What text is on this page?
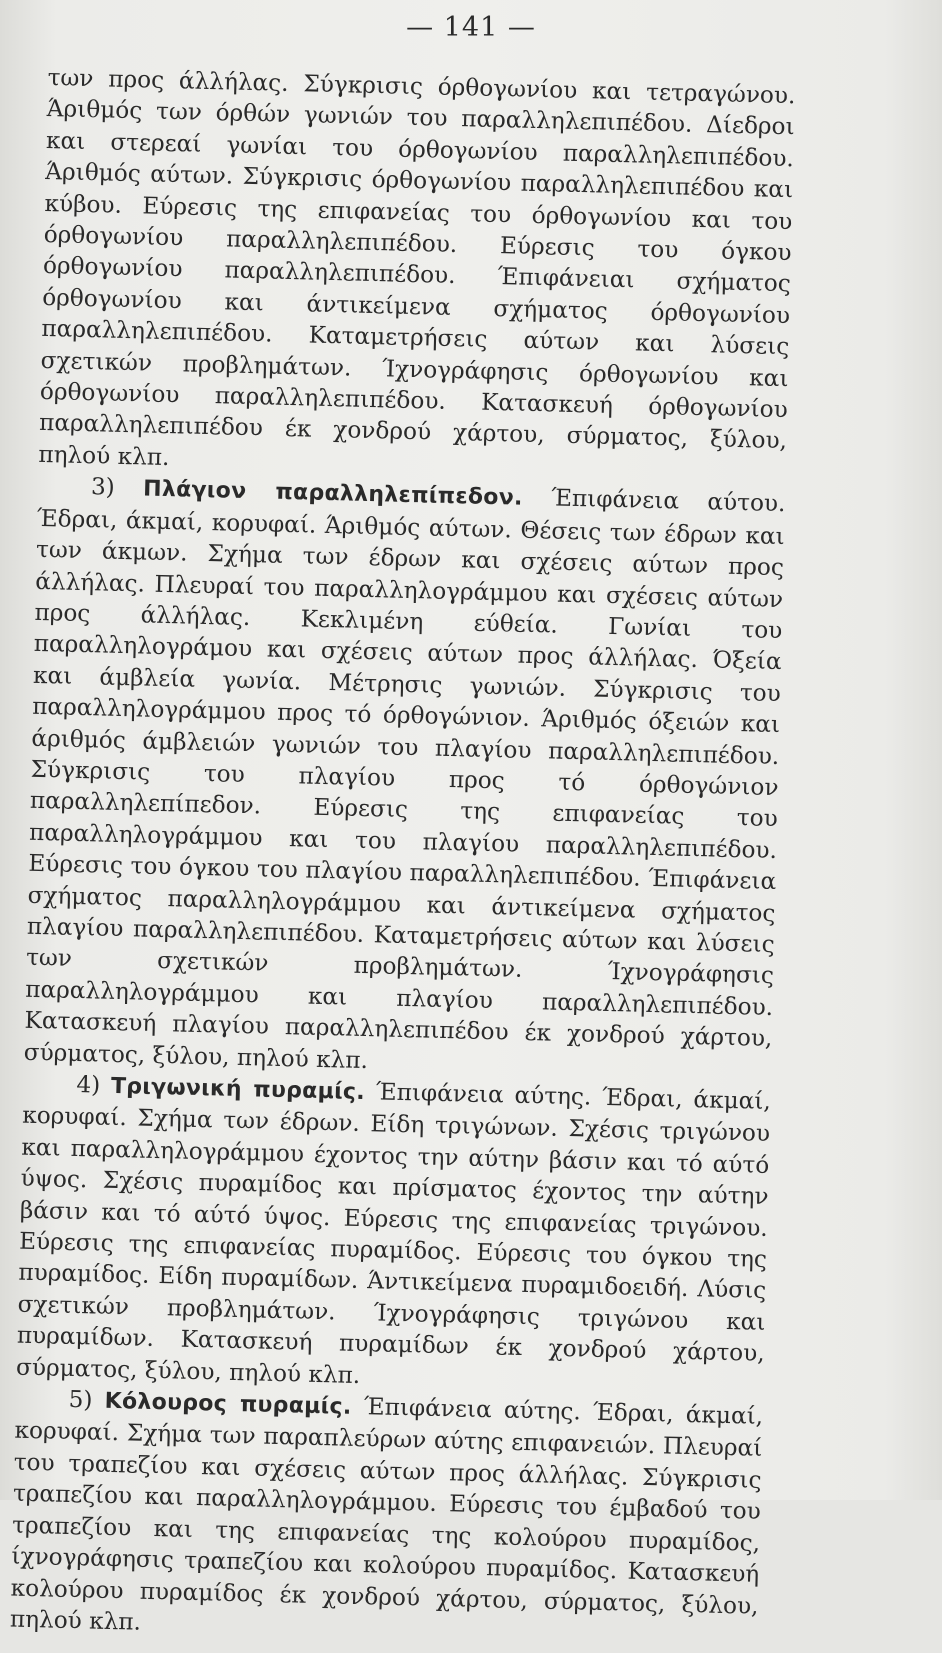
— 141 —

των προς άλλήλας. Σύγκρισις όρθογωνίου και τετραγώνου. Άριθμός των όρθών γωνιών του παραλληλεπιπέδου. Δίεδροι και στερεαί γωνίαι του όρθογωνίου παραλληλεπιπέδου. Άριθμός αύτων. Σύγκρισις όρθογωνίου παραλληλεπιπέδου και κύβου. Εύρεσις της επιφανείας του όρθογωνίου και του όρθογωνίου παραλληλεπιπέδου. Εύρεσις του όγκου όρθογωνίου παραλληλεπιπέδου. Έπιφάνειαι σχήματος όρθογωνίου και άντικείμενα σχήματος όρθογωνίου παραλληλεπιπέδου. Καταμετρήσεις αύτων και λύσεις σχετικών προβλημάτων. Ίχνογράφησις όρθογωνίου και όρθογωνίου παραλληλεπιπέδου. Κατασκευή όρθογωνίου παραλληλεπιπέδου έκ χονδρού χάρτου, σύρματος, ξύλου, πηλού κλπ.

3) Πλάγιον παραλληλεπίπεδον. Έπιφάνεια αύτου. Έδραι, άκμαί, κορυφαί. Άριθμός αύτων. Θέσεις των έδρων και των άκμων. Σχήμα των έδρων και σχέσεις αύτων προς άλλήλας. Πλευραί του παραλληλογράμμου και σχέσεις αύτων προς άλλήλας. Κεκλιμένη εύθεία. Γωνίαι του παραλληλογράμου και σχέσεις αύτων προς άλλήλας. Όξεία και άμβλεία γωνία. Μέτρησις γωνιών. Σύγκρισις του παραλληλογράμμου προς τό όρθογώνιον. Άριθμός όξειών και άριθμός άμβλειών γωνιών του πλαγίου παραλληλεπιπέδου. Σύγκρισις του πλαγίου προς τό όρθογώνιον παραλληλεπίπεδον. Εύρεσις της επιφανείας του παραλληλογράμμου και του πλαγίου παραλληλεπιπέδου. Εύρεσις του όγκου του πλαγίου παραλληλεπιπέδου. Έπιφάνεια σχήματος παραλληλογράμμου και άντικείμενα σχήματος πλαγίου παραλληλεπιπέδου. Καταμετρήσεις αύτων και λύσεις των σχετικών προβλημάτων. Ίχνογράφησις παραλληλογράμμου και πλαγίου παραλληλεπιπέδου. Κατασκευή πλαγίου παραλληλεπιπέδου έκ χονδρού χάρτου, σύρματος, ξύλου, πηλού κλπ.

4) Τριγωνική πυραμίς. Έπιφάνεια αύτης. Έδραι, άκμαί, κορυφαί. Σχήμα των έδρων. Είδη τριγώνων. Σχέσις τριγώνου και παραλληλογράμμου έχοντος την αύτην βάσιν και τό αύτό ύψος. Σχέσις πυραμίδος και πρίσματος έχοντος την αύτην βάσιν και τό αύτό ύψος. Εύρεσις της επιφανείας τριγώνου. Εύρεσις της επιφανείας πυραμίδος. Εύρεσις του όγκου της πυραμίδος. Είδη πυραμίδων. Άντικείμενα πυραμιδοειδή. Λύσις σχετικών προβλημάτων. Ίχνογράφησις τριγώνου και πυραμίδων. Κατασκευή πυραμίδων έκ χονδρού χάρτου, σύρματος, ξύλου, πηλού κλπ.

5) Κόλουρος πυραμίς. Έπιφάνεια αύτης. Έδραι, άκμαί, κορυφαί. Σχήμα των παραπλεύρων αύτης επιφανειών. Πλευραί του τραπεζίου και σχέσεις αύτων προς άλλήλας. Σύγκρισις τραπεζίου και παραλληλογράμμου. Εύρεσις του έμβαδού του τραπεζίου και της επιφανείας της κολούρου πυραμίδος, ίχνογράφησις τραπεζίου και κολούρου πυραμίδος. Κατασκευή κολούρου πυραμίδος έκ χονδρού χάρτου, σύρματος, ξύλου, πηλού κλπ.
